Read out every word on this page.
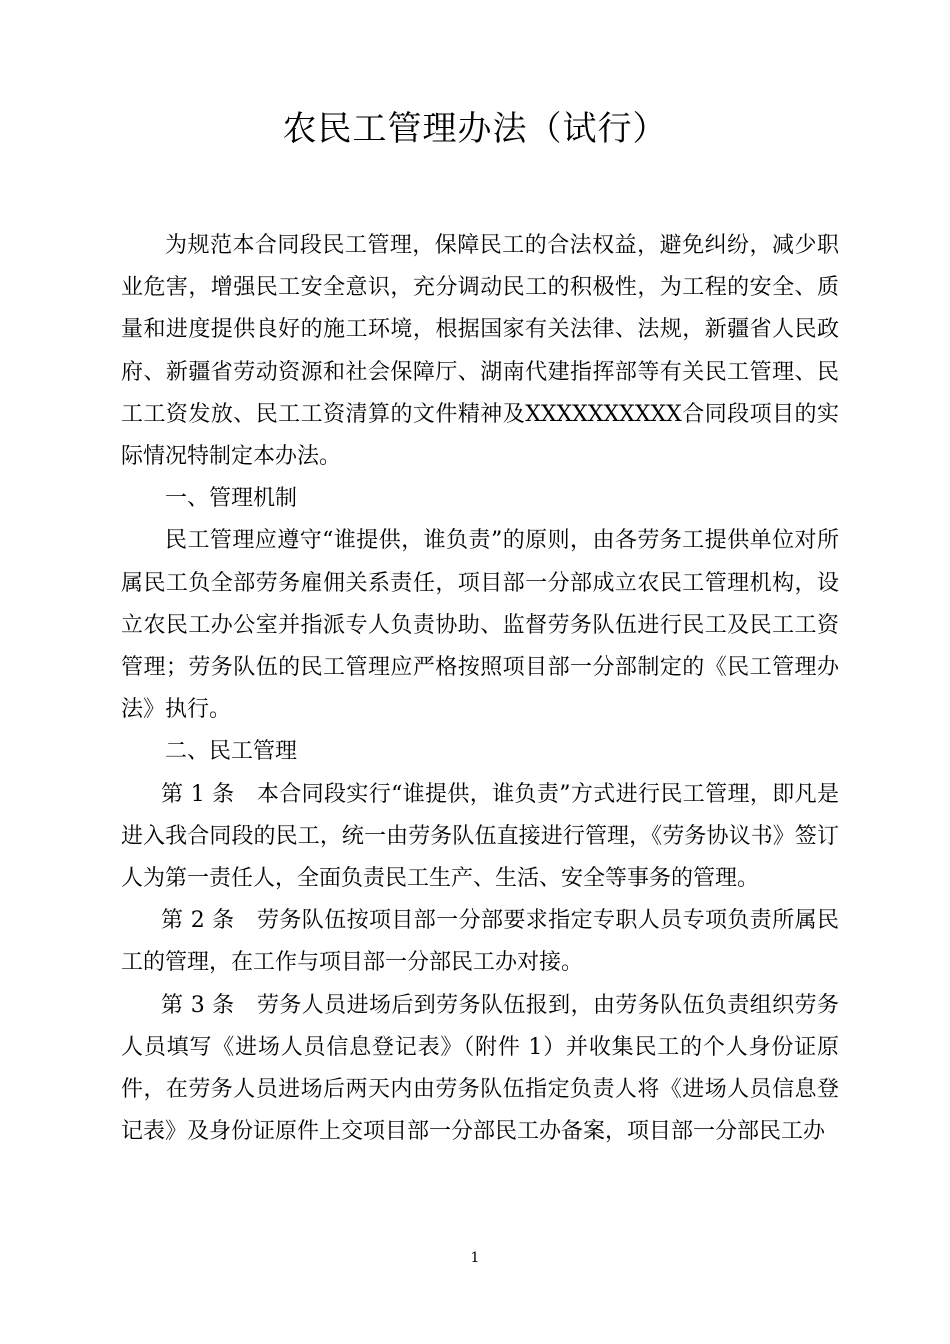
农民工管理办法（试行）

为规范本合同段民工管理，保障民工的合法权益，避免纠纷，减少职业危害，增强民工安全意识，充分调动民工的积极性，为工程的安全、质量和进度提供良好的施工环境，根据国家有关法律、法规，新疆省人民政府、新疆省劳动资源和社会保障厅、湖南代建指挥部等有关民工管理、民工工资发放、民工工资清算的文件精神及XXXXXXXXXX合同段项目的实际情况特制定本办法。

一、管理机制

民工管理应遵守“谁提供，谁负责”的原则，由各劳务工提供单位对所属民工负全部劳务雇佣关系责任，项目部一分部成立农民工管理机构，设立农民工办公室并指派专人负责协助、监督劳务队伍进行民工及民工工资管理；劳务队伍的民工管理应严格按照项目部一分部制定的《民工管理办法》执行。

二、民工管理

第 1 条　本合同段实行“谁提供，谁负责”方式进行民工管理，即凡是进入我合同段的民工，统一由劳务队伍直接进行管理，《劳务协议书》签订人为第一责任人，全面负责民工生产、生活、安全等事务的管理。

第 2 条　劳务队伍按项目部一分部要求指定专职人员专项负责所属民工的管理，在工作与项目部一分部民工办对接。

第 3 条　劳务人员进场后到劳务队伍报到，由劳务队伍负责组织劳务人员填写《进场人员信息登记表》（附件 1）并收集民工的个人身份证原件，在劳务人员进场后两天内由劳务队伍指定负责人将《进场人员信息登记表》及身份证原件上交项目部一分部民工办备案，项目部一分部民工办

1
